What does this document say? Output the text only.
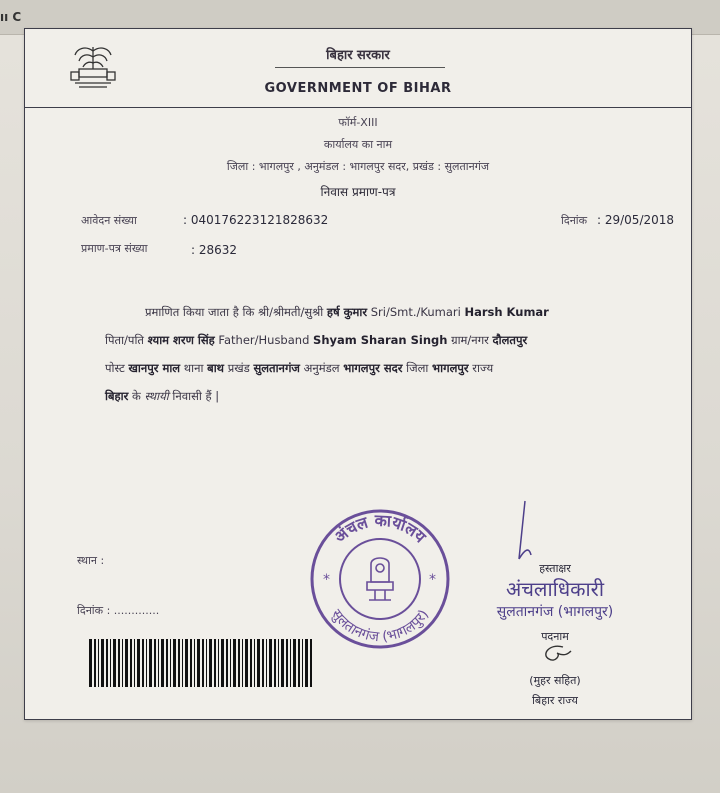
ıı C
बिहार सरकार
GOVERNMENT OF BIHAR
फॉर्म-XIII
कार्यालय का नाम
जिला : भागलपुर , अनुमंडल : भागलपुर सदर, प्रखंड : सुलतानगंज
निवास प्रमाण-पत्र
आवेदन संख्या	: 040176223121828632	दिनांक : 29/05/2018
प्रमाण-पत्र संख्या	: 28632
प्रमाणित किया जाता है कि श्री/श्रीमती/सुश्री हर्ष कुमार Sri/Smt./Kumari Harsh Kumar
पिता/पति श्याम शरण सिंह Father/Husband Shyam Sharan Singh ग्राम/नगर दौलतपुर
पोस्ट खानपुर माल थाना बाथ प्रखंड सुलतानगंज अनुमंडल भागलपुर सदर जिला भागलपुर राज्य
बिहार के स्थायी निवासी हैं |
स्थान :
दिनांक : .............
अंचल कार्यालय
सुलतानगंज (भागलपुर)
*	*
हस्ताक्षर
अंचलाधिकारी
सुलतानगंज (भागलपुर)
पदनाम
(मुहर सहित)
बिहार राज्य
